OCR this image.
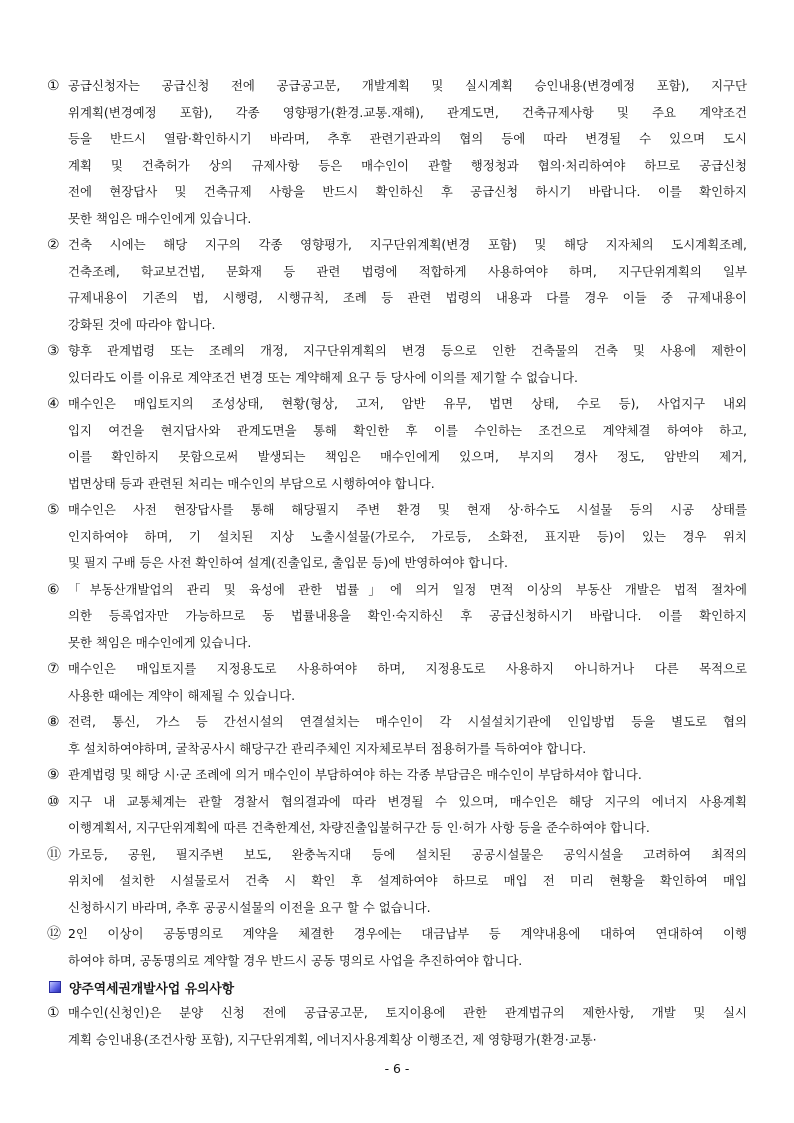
① 공급신청자는 공급신청 전에 공급공고문, 개발계획 및 실시계획 승인내용(변경예정 포함), 지구단
위계획(변경예정 포함), 각종 영향평가(환경.교통.재해), 관계도면, 건축규제사항 및 주요 계약조건
등을 반드시 열람·확인하시기 바라며, 추후 관련기관과의 협의 등에 따라 변경될 수 있으며 도시
계획 및 건축허가 상의 규제사항 등은 매수인이 관할 행정청과 협의·처리하여야 하므로 공급신청
전에 현장답사 및 건축규제 사항을 반드시 확인하신 후 공급신청 하시기 바랍니다. 이를 확인하지
못한 책임은 매수인에게 있습니다.
② 건축 시에는 해당 지구의 각종 영향평가, 지구단위계획(변경 포함) 및 해당 지자체의 도시계획조례,
건축조례, 학교보건법, 문화재 등 관련 법령에 적합하게 사용하여야 하며, 지구단위계획의 일부
규제내용이 기존의 법, 시행령, 시행규칙, 조례 등 관련 법령의 내용과 다를 경우 이들 중 규제내용이
강화된 것에 따라야 합니다.
③ 향후 관계법령 또는 조례의 개정, 지구단위계획의 변경 등으로 인한 건축물의 건축 및 사용에 제한이
있더라도 이를 이유로 계약조건 변경 또는 계약해제 요구 등 당사에 이의를 제기할 수 없습니다.
④ 매수인은 매입토지의 조성상태, 현황(형상, 고저, 암반 유무, 법면 상태, 수로 등), 사업지구 내외
입지 여건을 현지답사와 관계도면을 통해 확인한 후 이를 수인하는 조건으로 계약체결 하여야 하고,
이를 확인하지 못함으로써 발생되는 책임은 매수인에게 있으며, 부지의 경사 정도, 암반의 제거,
법면상태 등과 관련된 처리는 매수인의 부담으로 시행하여야 합니다.
⑤ 매수인은 사전 현장답사를 통해 해당필지 주변 환경 및 현재 상·하수도 시설물 등의 시공 상태를
인지하여야 하며, 기 설치된 지상 노출시설물(가로수, 가로등, 소화전, 표지판 등)이 있는 경우 위치
및 필지 구배 등은 사전 확인하여 설계(진출입로, 출입문 등)에 반영하여야 합니다.
⑥ 「부동산개발업의 관리 및 육성에 관한 법률」에 의거 일정 면적 이상의 부동산 개발은 법적 절차에
의한 등록업자만 가능하므로 동 법률내용을 확인·숙지하신 후 공급신청하시기 바랍니다. 이를 확인하지
못한 책임은 매수인에게 있습니다.
⑦ 매수인은 매입토지를 지정용도로 사용하여야 하며, 지정용도로 사용하지 아니하거나 다른 목적으로
사용한 때에는 계약이 해제될 수 있습니다.
⑧ 전력, 통신, 가스 등 간선시설의 연결설치는 매수인이 각 시설설치기관에 인입방법 등을 별도로 협의
후 설치하여야하며, 굴착공사시 해당구간 관리주체인 지자체로부터 점용허가를 득하여야 합니다.
⑨ 관계법령 및 해당 시·군 조례에 의거 매수인이 부담하여야 하는 각종 부담금은 매수인이 부담하셔야 합니다.
⑩ 지구 내 교통체계는 관할 경찰서 협의결과에 따라 변경될 수 있으며, 매수인은 해당 지구의 에너지 사용계획
이행계획서, 지구단위계획에 따른 건축한계선, 차량진출입불허구간 등 인·허가 사항 등을 준수하여야 합니다.
⑪ 가로등, 공원, 필지주변 보도, 완충녹지대 등에 설치된 공공시설물은 공익시설을 고려하여 최적의
위치에 설치한 시설물로서 건축 시 확인 후 설계하여야 하므로 매입 전 미리 현황을 확인하여 매입
신청하시기 바라며, 추후 공공시설물의 이전을 요구 할 수 없습니다.
⑫ 2인 이상이 공동명의로 계약을 체결한 경우에는 대금납부 등 계약내용에 대하여 연대하여 이행
하여야 하며, 공동명의로 계약할 경우 반드시 공동 명의로 사업을 추진하여야 합니다.
양주역세권개발사업 유의사항
① 매수인(신청인)은 분양 신청 전에 공급공고문, 토지이용에 관한 관계법규의 제한사항, 개발 및 실시
계획 승인내용(조건사항 포함), 지구단위계획, 에너지사용계획상 이행조건, 제 영향평가(환경·교통·
- 6 -
